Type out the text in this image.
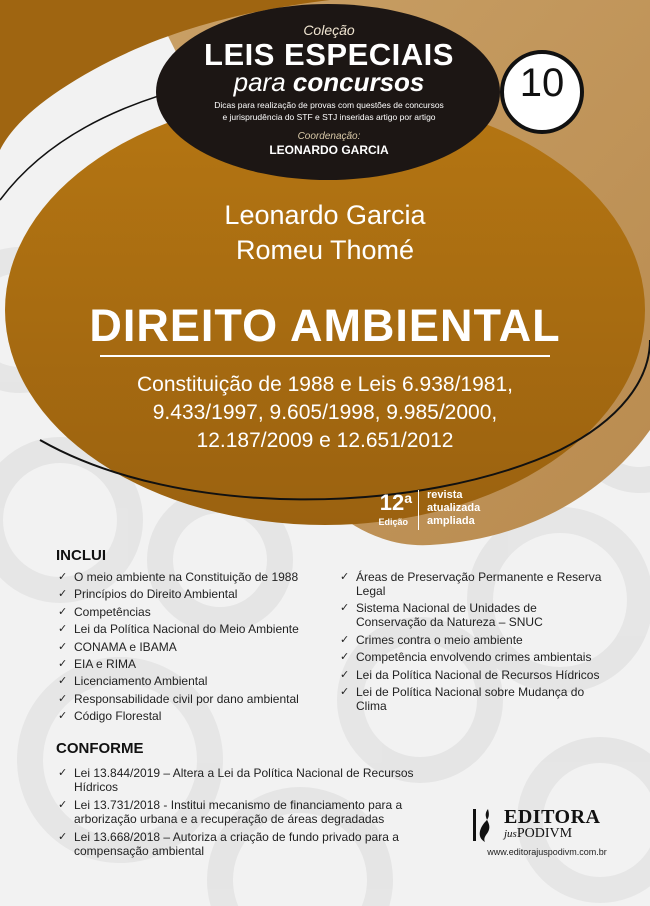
Coleção
LEIS ESPECIAIS
para concursos
Dicas para realização de provas com questões de concursos
e jurisprudência do STF e STJ inseridas artigo por artigo
Coordenação:
LEONARDO GARCIA
10
Leonardo Garcia
Romeu Thomé
DIREITO AMBIENTAL
Constituição de 1988 e Leis 6.938/1981,
9.433/1997, 9.605/1998, 9.985/2000,
12.187/2009 e 12.651/2012
12$^a$
Edição
revista
atualizada
ampliada
INCLUI
✓ O meio ambiente na Constituição de 1988
✓ Princípios do Direito Ambiental
✓ Competências
✓ Lei da Política Nacional do Meio Ambiente
✓ CONAMA e IBAMA
✓ EIA e RIMA
✓ Licenciamento Ambiental
✓ Responsabilidade civil por dano ambiental
✓ Código Florestal
✓ Áreas de Preservação Permanente e Reserva Legal
✓ Sistema Nacional de Unidades de Conservação da Natureza – SNUC
✓ Crimes contra o meio ambiente
✓ Competência envolvendo crimes ambientais
✓ Lei da Política Nacional de Recursos Hídricos
✓ Lei de Política Nacional sobre Mudança do Clima
CONFORME
✓ Lei 13.844/2019 – Altera a Lei da Política Nacional de Recursos Hídricos
✓ Lei 13.731/2018 - Institui mecanismo de financiamento para a arborização urbana e a recuperação de áreas degradadas
✓ Lei 13.668/2018 – Autoriza a criação de fundo privado para a compensação ambiental
EDITORA
jusPODIVM
www.editorajuspodivm.com.br
